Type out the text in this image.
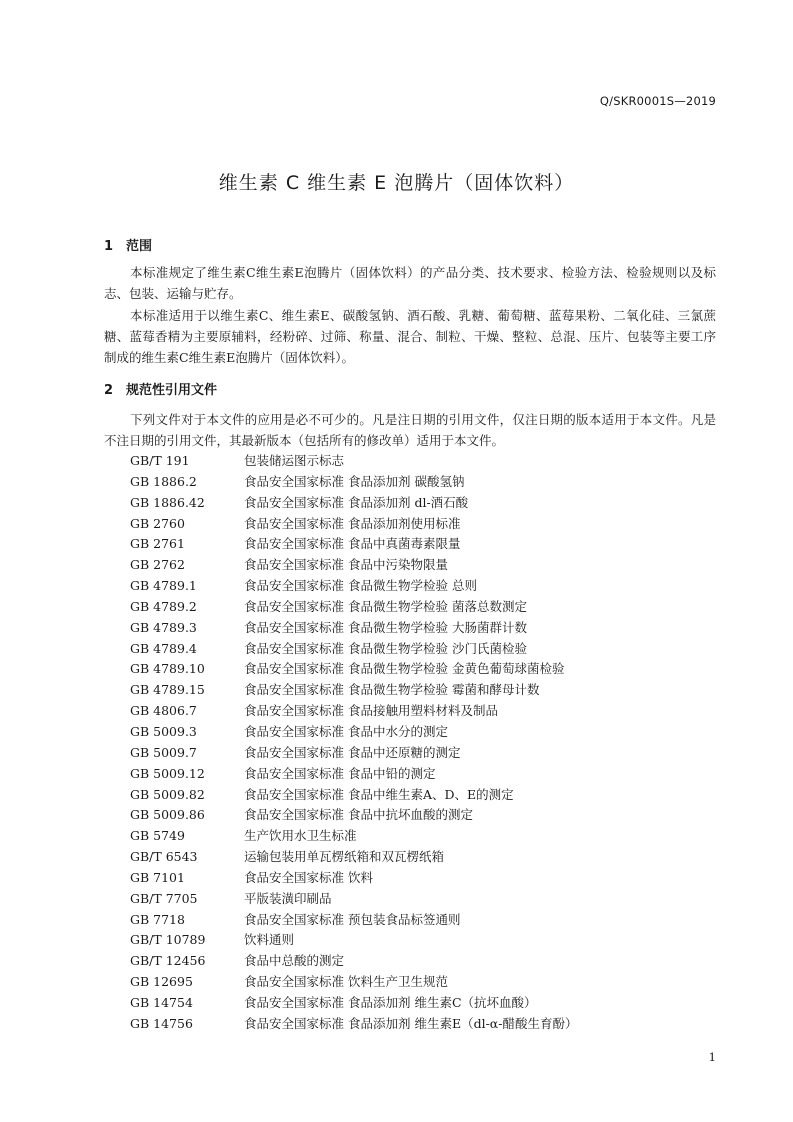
Q/SKR0001S—2019
维生素 C 维生素 E 泡腾片（固体饮料）
1 范围
本标准规定了维生素C维生素E泡腾片（固体饮料）的产品分类、技术要求、检验方法、检验规则以及标志、包装、运输与贮存。
本标准适用于以维生素C、维生素E、碳酸氢钠、酒石酸、乳糖、葡萄糖、蓝莓果粉、二氧化硅、三氯蔗糖、蓝莓香精为主要原辅料，经粉碎、过筛、称量、混合、制粒、干燥、整粒、总混、压片、包装等主要工序制成的维生素C维生素E泡腾片（固体饮料）。
2 规范性引用文件
下列文件对于本文件的应用是必不可少的。凡是注日期的引用文件，仅注日期的版本适用于本文件。凡是不注日期的引用文件，其最新版本（包括所有的修改单）适用于本文件。
GB/T 191	包装储运图示标志
GB 1886.2	食品安全国家标准 食品添加剂 碳酸氢钠
GB 1886.42	食品安全国家标准 食品添加剂 dl-酒石酸
GB 2760	食品安全国家标准 食品添加剂使用标准
GB 2761	食品安全国家标准 食品中真菌毒素限量
GB 2762	食品安全国家标准 食品中污染物限量
GB 4789.1	食品安全国家标准 食品微生物学检验 总则
GB 4789.2	食品安全国家标准 食品微生物学检验 菌落总数测定
GB 4789.3	食品安全国家标准 食品微生物学检验 大肠菌群计数
GB 4789.4	食品安全国家标准 食品微生物学检验 沙门氏菌检验
GB 4789.10	食品安全国家标准 食品微生物学检验 金黄色葡萄球菌检验
GB 4789.15	食品安全国家标准 食品微生物学检验 霉菌和酵母计数
GB 4806.7	食品安全国家标准 食品接触用塑料材料及制品
GB 5009.3	食品安全国家标准 食品中水分的测定
GB 5009.7	食品安全国家标准 食品中还原糖的测定
GB 5009.12	食品安全国家标准 食品中铅的测定
GB 5009.82	食品安全国家标准 食品中维生素A、D、E的测定
GB 5009.86	食品安全国家标准 食品中抗坏血酸的测定
GB 5749	生产饮用水卫生标准
GB/T 6543	运输包装用单瓦楞纸箱和双瓦楞纸箱
GB 7101	食品安全国家标准 饮料
GB/T 7705	平版装潢印刷品
GB 7718	食品安全国家标准 预包装食品标签通则
GB/T 10789	饮料通则
GB/T 12456	食品中总酸的测定
GB 12695	食品安全国家标准 饮料生产卫生规范
GB 14754	食品安全国家标准 食品添加剂 维生素C（抗坏血酸）
GB 14756	食品安全国家标准 食品添加剂 维生素E（dl-α-醋酸生育酚）
1
